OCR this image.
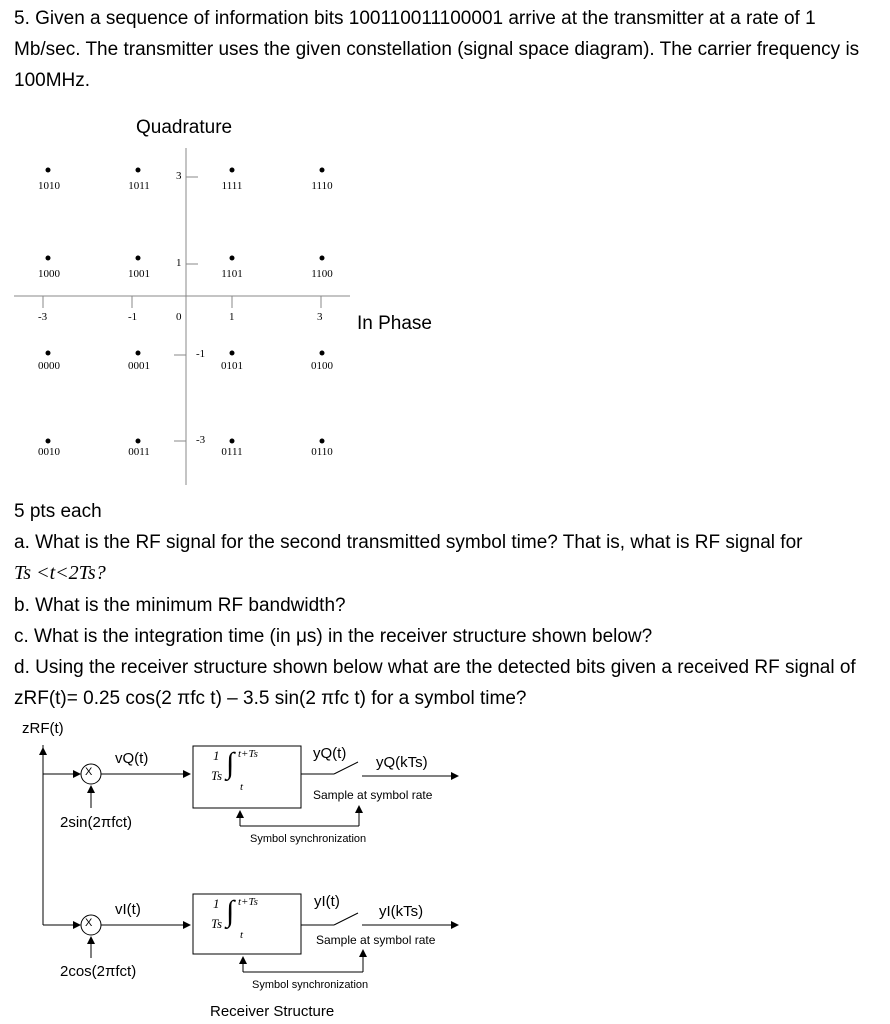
5. Given a sequence of information bits 100110011100001 arrive at the transmitter at a rate of 1
Mb/sec. The transmitter uses the given constellation (signal space diagram). The carrier frequency is
100MHz.
Quadrature
In Phase
-3	-1	0	1	3
3
1
-1
-3
1010	1011	1111	1110
1000	1001	1101	1100
0000	0001	0101	0100
0010	0011	0111	0110
5 pts each
a. What is the RF signal for the second transmitted symbol time? That is, what is RF signal for
Ts <t<2Ts?
b. What is the minimum RF bandwidth?
c. What is the integration time (in μs) in the receiver structure shown below?
d. Using the receiver structure shown below what are the detected bits given a received RF signal of
zRF(t)= 0.25 cos(2 πfc t) – 3.5 sin(2 πfc t) for a symbol time?
zRF(t)
X
vQ(t)
2sin(2πfct)
1
Ts ∫ t+Ts
t
yQ(t)
yQ(kTs)
Sample at symbol rate
Symbol synchronization
X
vI(t)
2cos(2πfct)
1
Ts ∫ t+Ts
t
yI(t)
yI(kTs)
Sample at symbol rate
Symbol synchronization
Receiver Structure
